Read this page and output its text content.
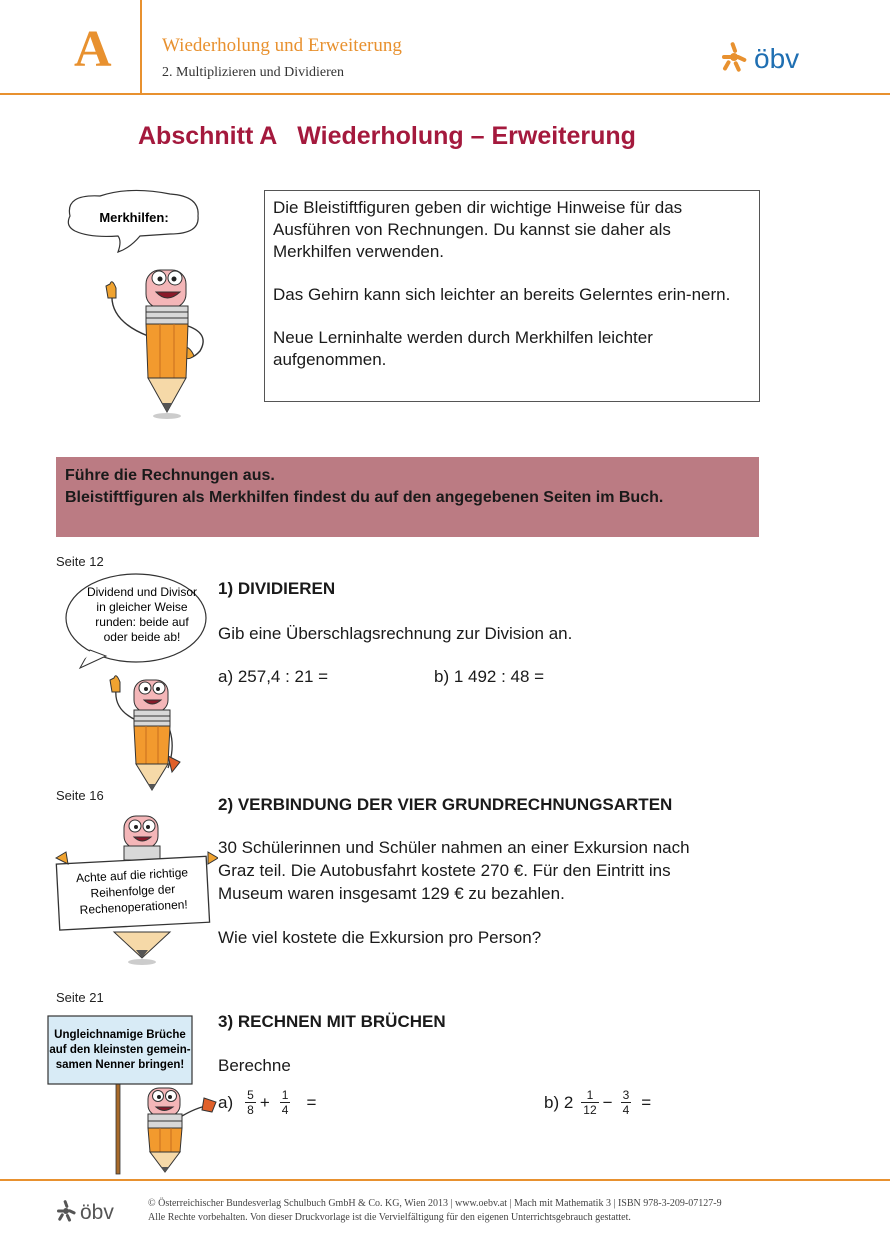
A	Wiederholung und Erweiterung
2. Multiplizieren und Dividieren	öbv
Abschnitt A   Wiederholung – Erweiterung
Merkhilfen:

Die Bleistiftfiguren geben dir wichtige Hinweise für das Ausführen von Rechnungen. Du kannst sie daher als Merkhilfen verwenden.

Das Gehirn kann sich leichter an bereits Gelerntes erin-nern.

Neue Lerninhalte werden durch Merkhilfen leichter aufgenommen.

Führe die Rechnungen aus.
Bleistiftfiguren als Merkhilfen findest du auf den angegebenen Seiten im Buch.
Seite 12
Dividend und Divisor
in gleicher Weise
runden: beide auf
oder beide ab!
1) DIVIDIEREN
Gib eine Überschlagsrechnung zur Division an.
a) 257,4 : 21 =	b) 1 492 : 48 =
Seite 16
Achte auf die richtige
Reihenfolge der
Rechenoperationen!
2) VERBINDUNG DER VIER GRUNDRECHNUNGSARTEN
30 Schülerinnen und Schüler nahmen an einer Exkursion nach
Graz teil. Die Autobusfahrt kostete 270 €. Für den Eintritt ins
Museum waren insgesamt 129 € zu bezahlen.
Wie viel kostete die Exkursion pro Person?
Seite 21
Ungleichnamige Brüche
auf den kleinsten gemein-
samen Nenner bringen!
3) RECHNEN MIT BRÜCHEN
Berechne
$a) \frac{5}{8} + \frac{1}{4}$ =	b) $2 \frac{1}{12} - \frac{3}{4}$ =
öbv	© Österreichischer Bundesverlag Schulbuch GmbH & Co. KG, Wien 2013 | www.oebv.at | Mach mit Mathematik 3 | ISBN 978-3-209-07127-9
Alle Rechte vorbehalten. Von dieser Druckvorlage ist die Vervielfältigung für den eigenen Unterrichtsgebrauch gestattet.
